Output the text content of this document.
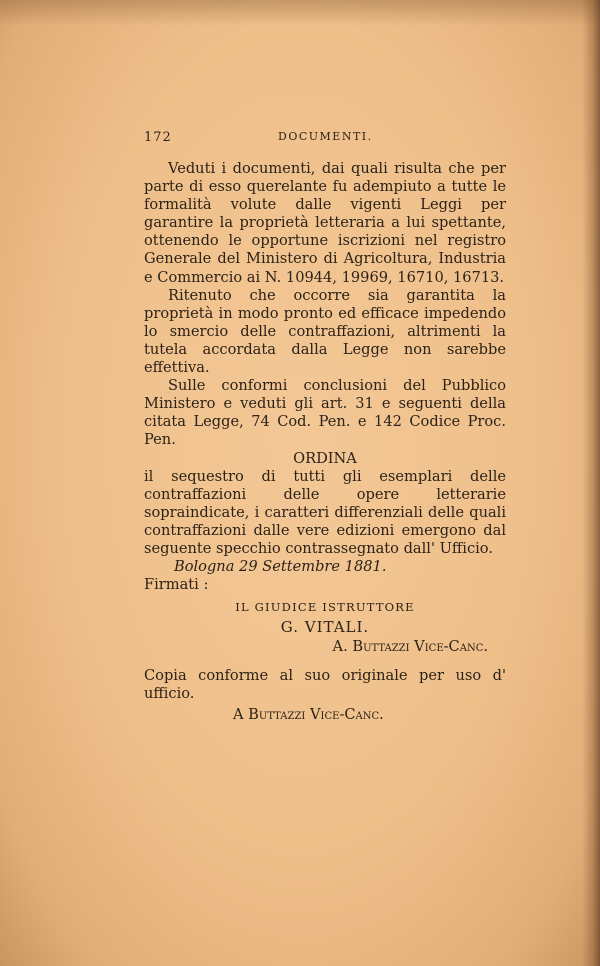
172	DOCUMENTI.

Veduti i documenti, dai quali risulta che per parte di esso querelante fu adempiuto a tutte le formalità volute dalle vigenti Leggi per garantire la proprietà letteraria a lui spettante, ottenendo le opportune iscrizioni nel registro Generale del Ministero di Agricoltura, Industria e Commercio ai N. 10944, 19969, 16710, 16713.

Ritenuto che occorre sia garantita la proprietà in modo pronto ed efficace impedendo lo smercio delle contraffazioni, altrimenti la tutela accordata dalla Legge non sarebbe effettiva.

Sulle conformi conclusioni del Pubblico Ministero e veduti gli art. 31 e seguenti della citata Legge, 74 Cod. Pen. e 142 Codice Proc. Pen.

ORDINA

il sequestro di tutti gli esemplari delle contraffazioni delle opere letterarie sopraindicate, i caratteri differenziali delle quali contraffazioni dalle vere edizioni emergono dal seguente specchio contrassegnato dall' Ufficio.

Bologna 29 Settembre 1881.

Firmati :

IL GIUDICE ISTRUTTORE

G. VITALI.

A. Buttazzi Vice-Canc.

Copia conforme al suo originale per uso d' ufficio.

A Buttazzi Vice-Canc.
